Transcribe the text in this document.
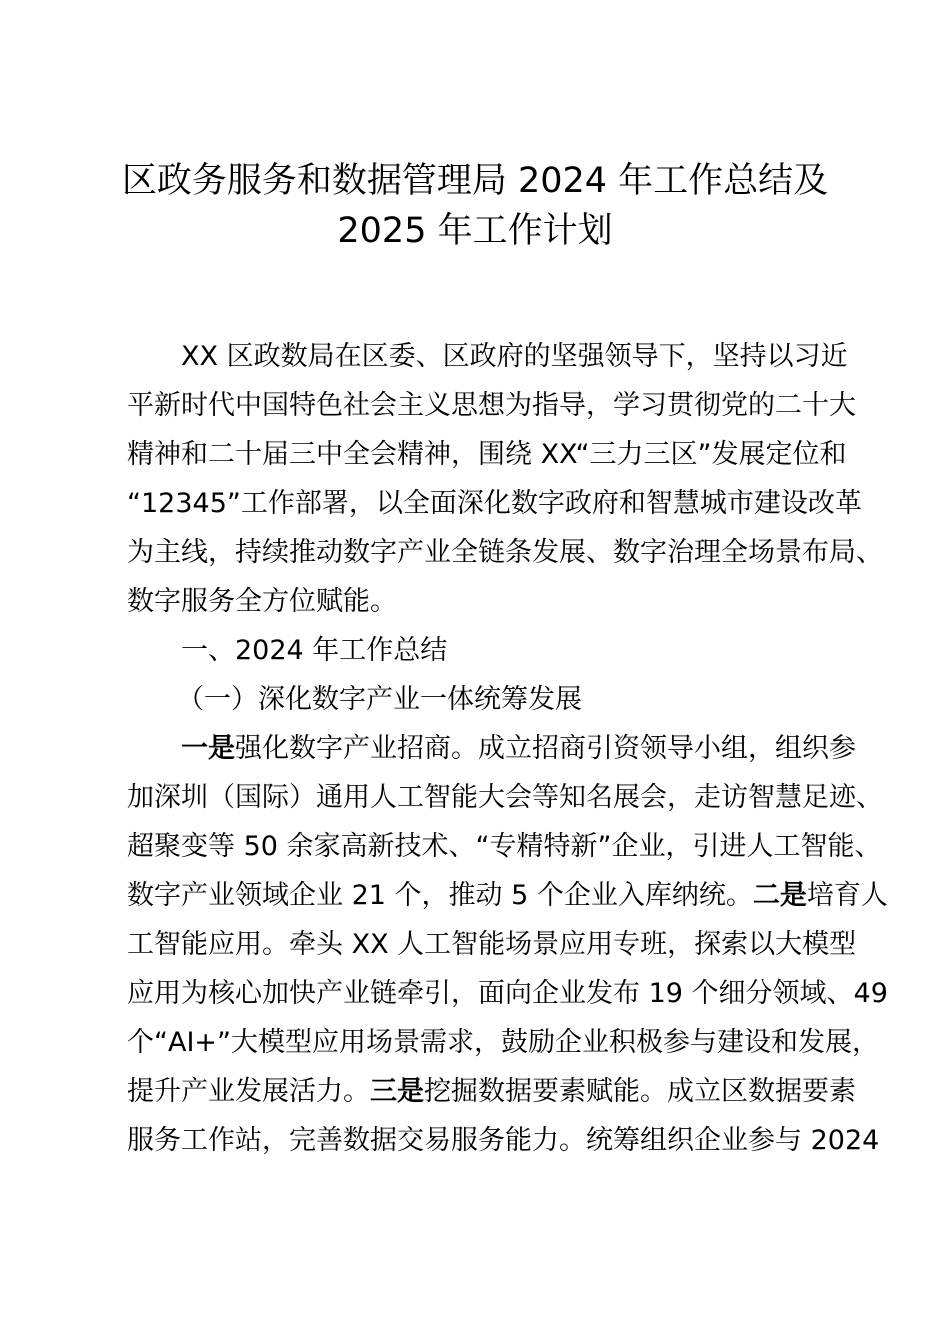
区政务服务和数据管理局 2024 年工作总结及
2025 年工作计划
XX 区政数局在区委、区政府的坚强领导下，坚持以习近
平新时代中国特色社会主义思想为指导，学习贯彻党的二十大
精神和二十届三中全会精神，围绕 XX“三力三区”发展定位和
“12345”工作部署，以全面深化数字政府和智慧城市建设改革
为主线，持续推动数字产业全链条发展、数字治理全场景布局、
数字服务全方位赋能。
一、2024 年工作总结
（一）深化数字产业一体统筹发展
一是强化数字产业招商。成立招商引资领导小组，组织参
加深圳（国际）通用人工智能大会等知名展会，走访智慧足迹、
超聚变等 50 余家高新技术、“专精特新”企业，引进人工智能、
数字产业领域企业 21 个，推动 5 个企业入库纳统。二是培育人
工智能应用。牵头 XX 人工智能场景应用专班，探索以大模型
应用为核心加快产业链牵引，面向企业发布 19 个细分领域、49
个“AI+”大模型应用场景需求，鼓励企业积极参与建设和发展，
提升产业发展活力。三是挖掘数据要素赋能。成立区数据要素
服务工作站，完善数据交易服务能力。统筹组织企业参与 2024
